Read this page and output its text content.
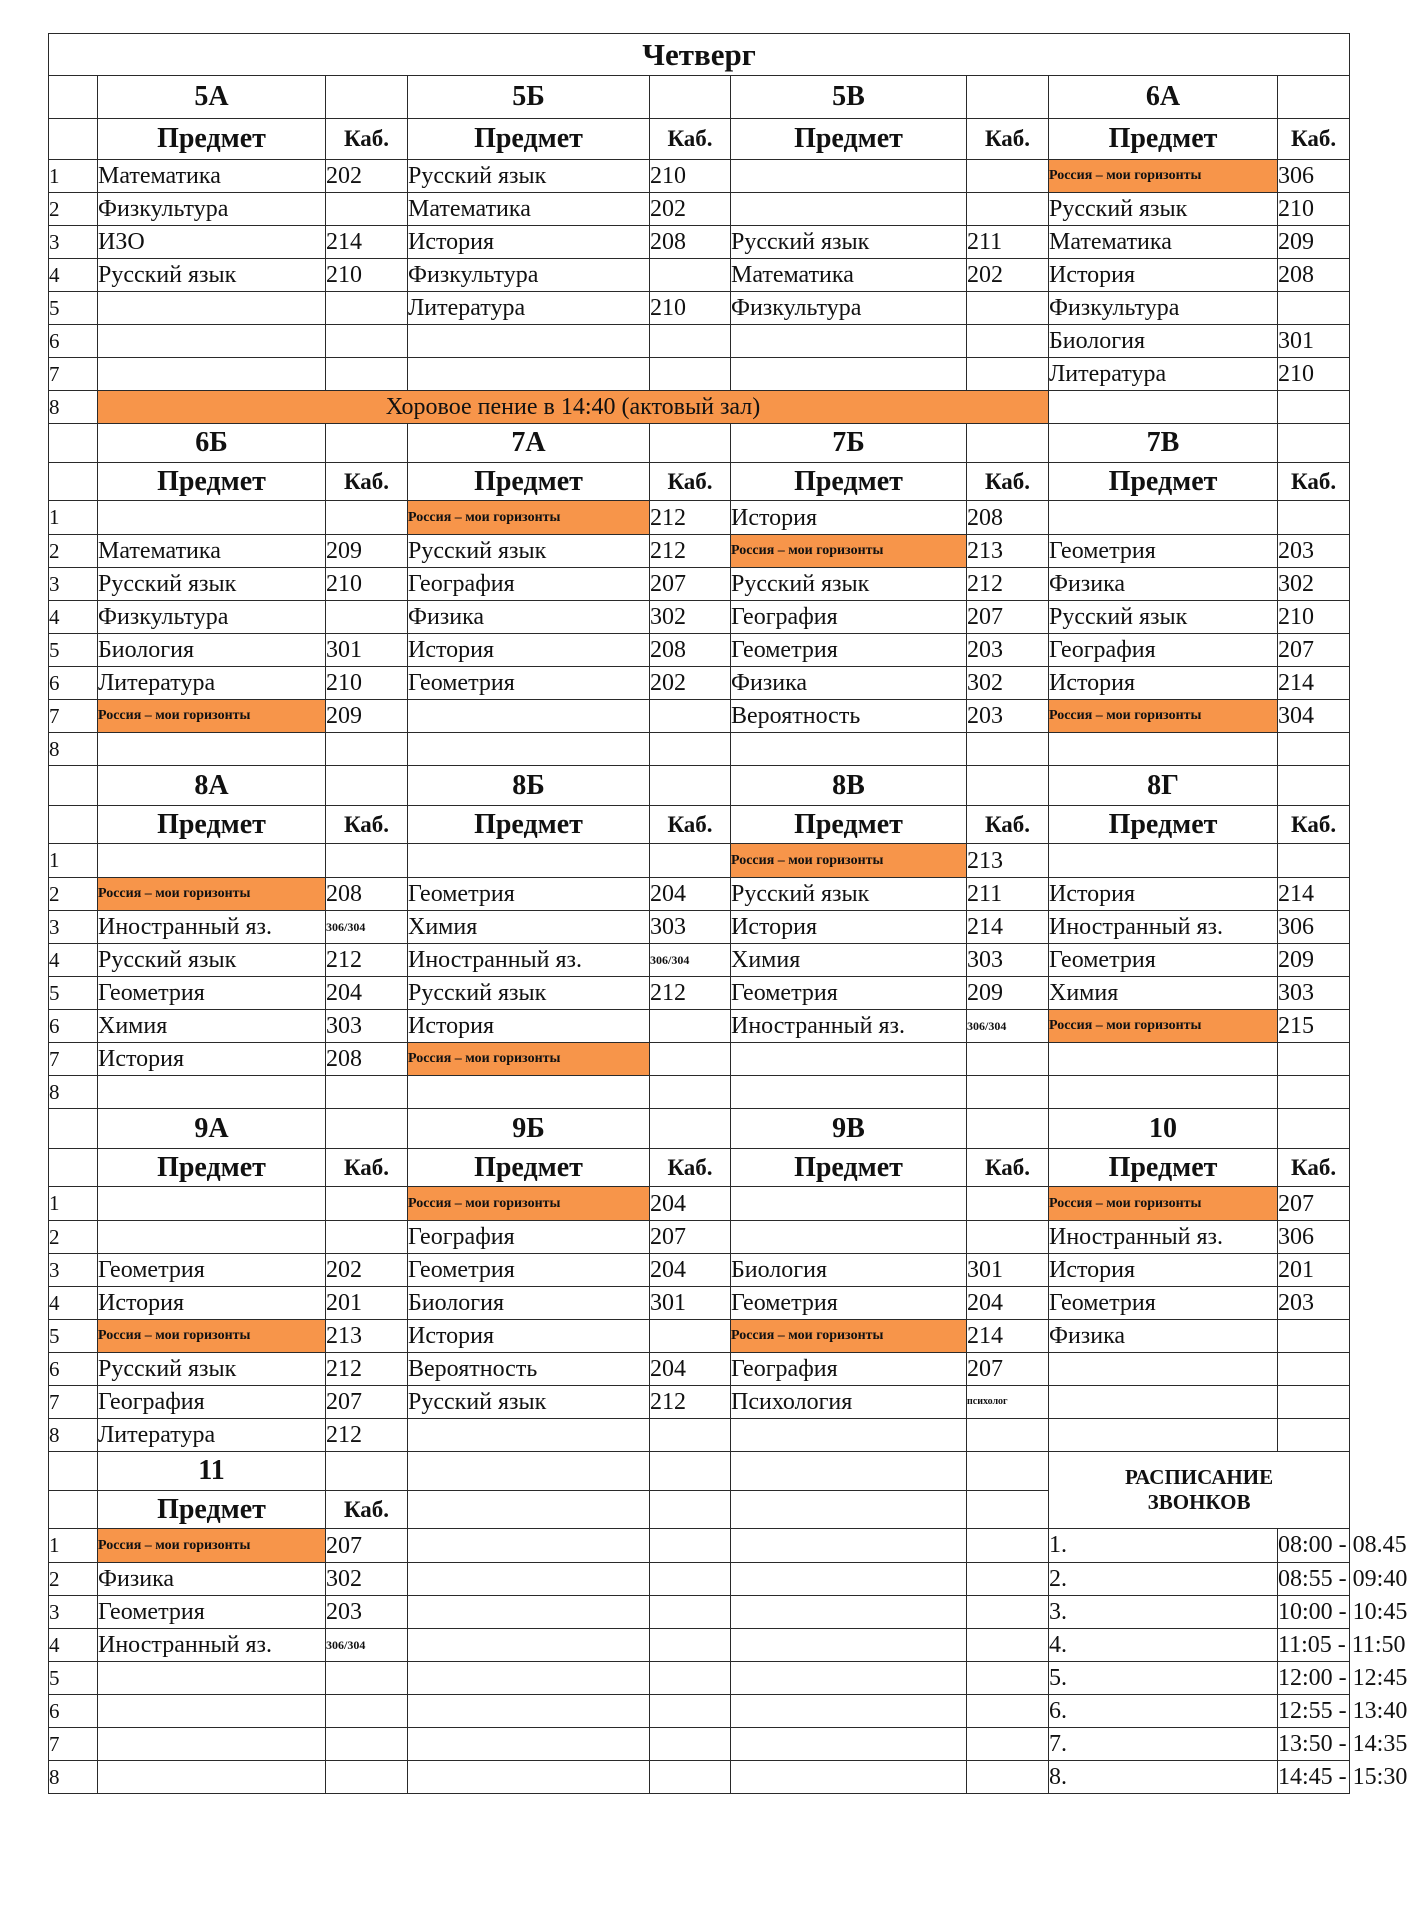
Четверг								
	5А		5Б		5В		6А	
	Предмет	Каб.	Предмет	Каб.	Предмет	Каб.	Предмет	Каб.
1	Математика	202	Русский язык	210			Россия – мои горизонты	306
2	Физкультура		Математика	202			Русский язык	210
3	ИЗО	214	История	208	Русский язык	211	Математика	209
4	Русский язык	210	Физкультура		Математика	202	История	208
5			Литература	210	Физкультура		Физкультура	
6							Биология	301
7							Литература	210
8	Хоровое пение в 14:40 (актовый зал)							
	6Б		7А		7Б		7В	
	Предмет	Каб.	Предмет	Каб.	Предмет	Каб.	Предмет	Каб.
1			Россия – мои горизонты	212	История	208		
2	Математика	209	Русский язык	212	Россия – мои горизонты	213	Геометрия	203
3	Русский язык	210	География	207	Русский язык	212	Физика	302
4	Физкультура		Физика	302	География	207	Русский язык	210
5	Биология	301	История	208	Геометрия	203	География	207
6	Литература	210	Геометрия	202	Физика	302	История	214
7	Россия – мои горизонты	209			Вероятность	203	Россия – мои горизонты	304
8								
	8А		8Б		8В		8Г	
	Предмет	Каб.	Предмет	Каб.	Предмет	Каб.	Предмет	Каб.
1					Россия – мои горизонты	213		
2	Россия – мои горизонты	208	Геометрия	204	Русский язык	211	История	214
3	Иностранный яз.	306/304	Химия	303	История	214	Иностранный яз.	306
4	Русский язык	212	Иностранный яз.	306/304	Химия	303	Геометрия	209
5	Геометрия	204	Русский язык	212	Геометрия	209	Химия	303
6	Химия	303	История		Иностранный яз.	306/304	Россия – мои горизонты	215
7	История	208	Россия – мои горизонты					
8								
	9А		9Б		9В		10	
	Предмет	Каб.	Предмет	Каб.	Предмет	Каб.	Предмет	Каб.
1			Россия – мои горизонты	204			Россия – мои горизонты	207
2			География	207			Иностранный яз.	306
3	Геометрия	202	Геометрия	204	Биология	301	История	201
4	История	201	Биология	301	Геометрия	204	Геометрия	203
5	Россия – мои горизонты	213	История		Россия – мои горизонты	214	Физика	
6	Русский язык	212	Вероятность	204	География	207		
7	География	207	Русский язык	212	Психология	психолог		
8	Литература	212						
	11						РАСПИСАНИЕ
ЗВОНКОВ	

	Предмет	Каб.						
1	Россия – мои горизонты	207					1.	08:00 - 08.45
2	Физика	302					2.	08:55 - 09:40
3	Геометрия	203					3.	10:00 - 10:45
4	Иностранный яз.	306/304					4.	11:05 - 11:50
5							5.	12:00 - 12:45
6							6.	12:55 - 13:40
7							7.	13:50 - 14:35
8							8.	14:45 - 15:30
